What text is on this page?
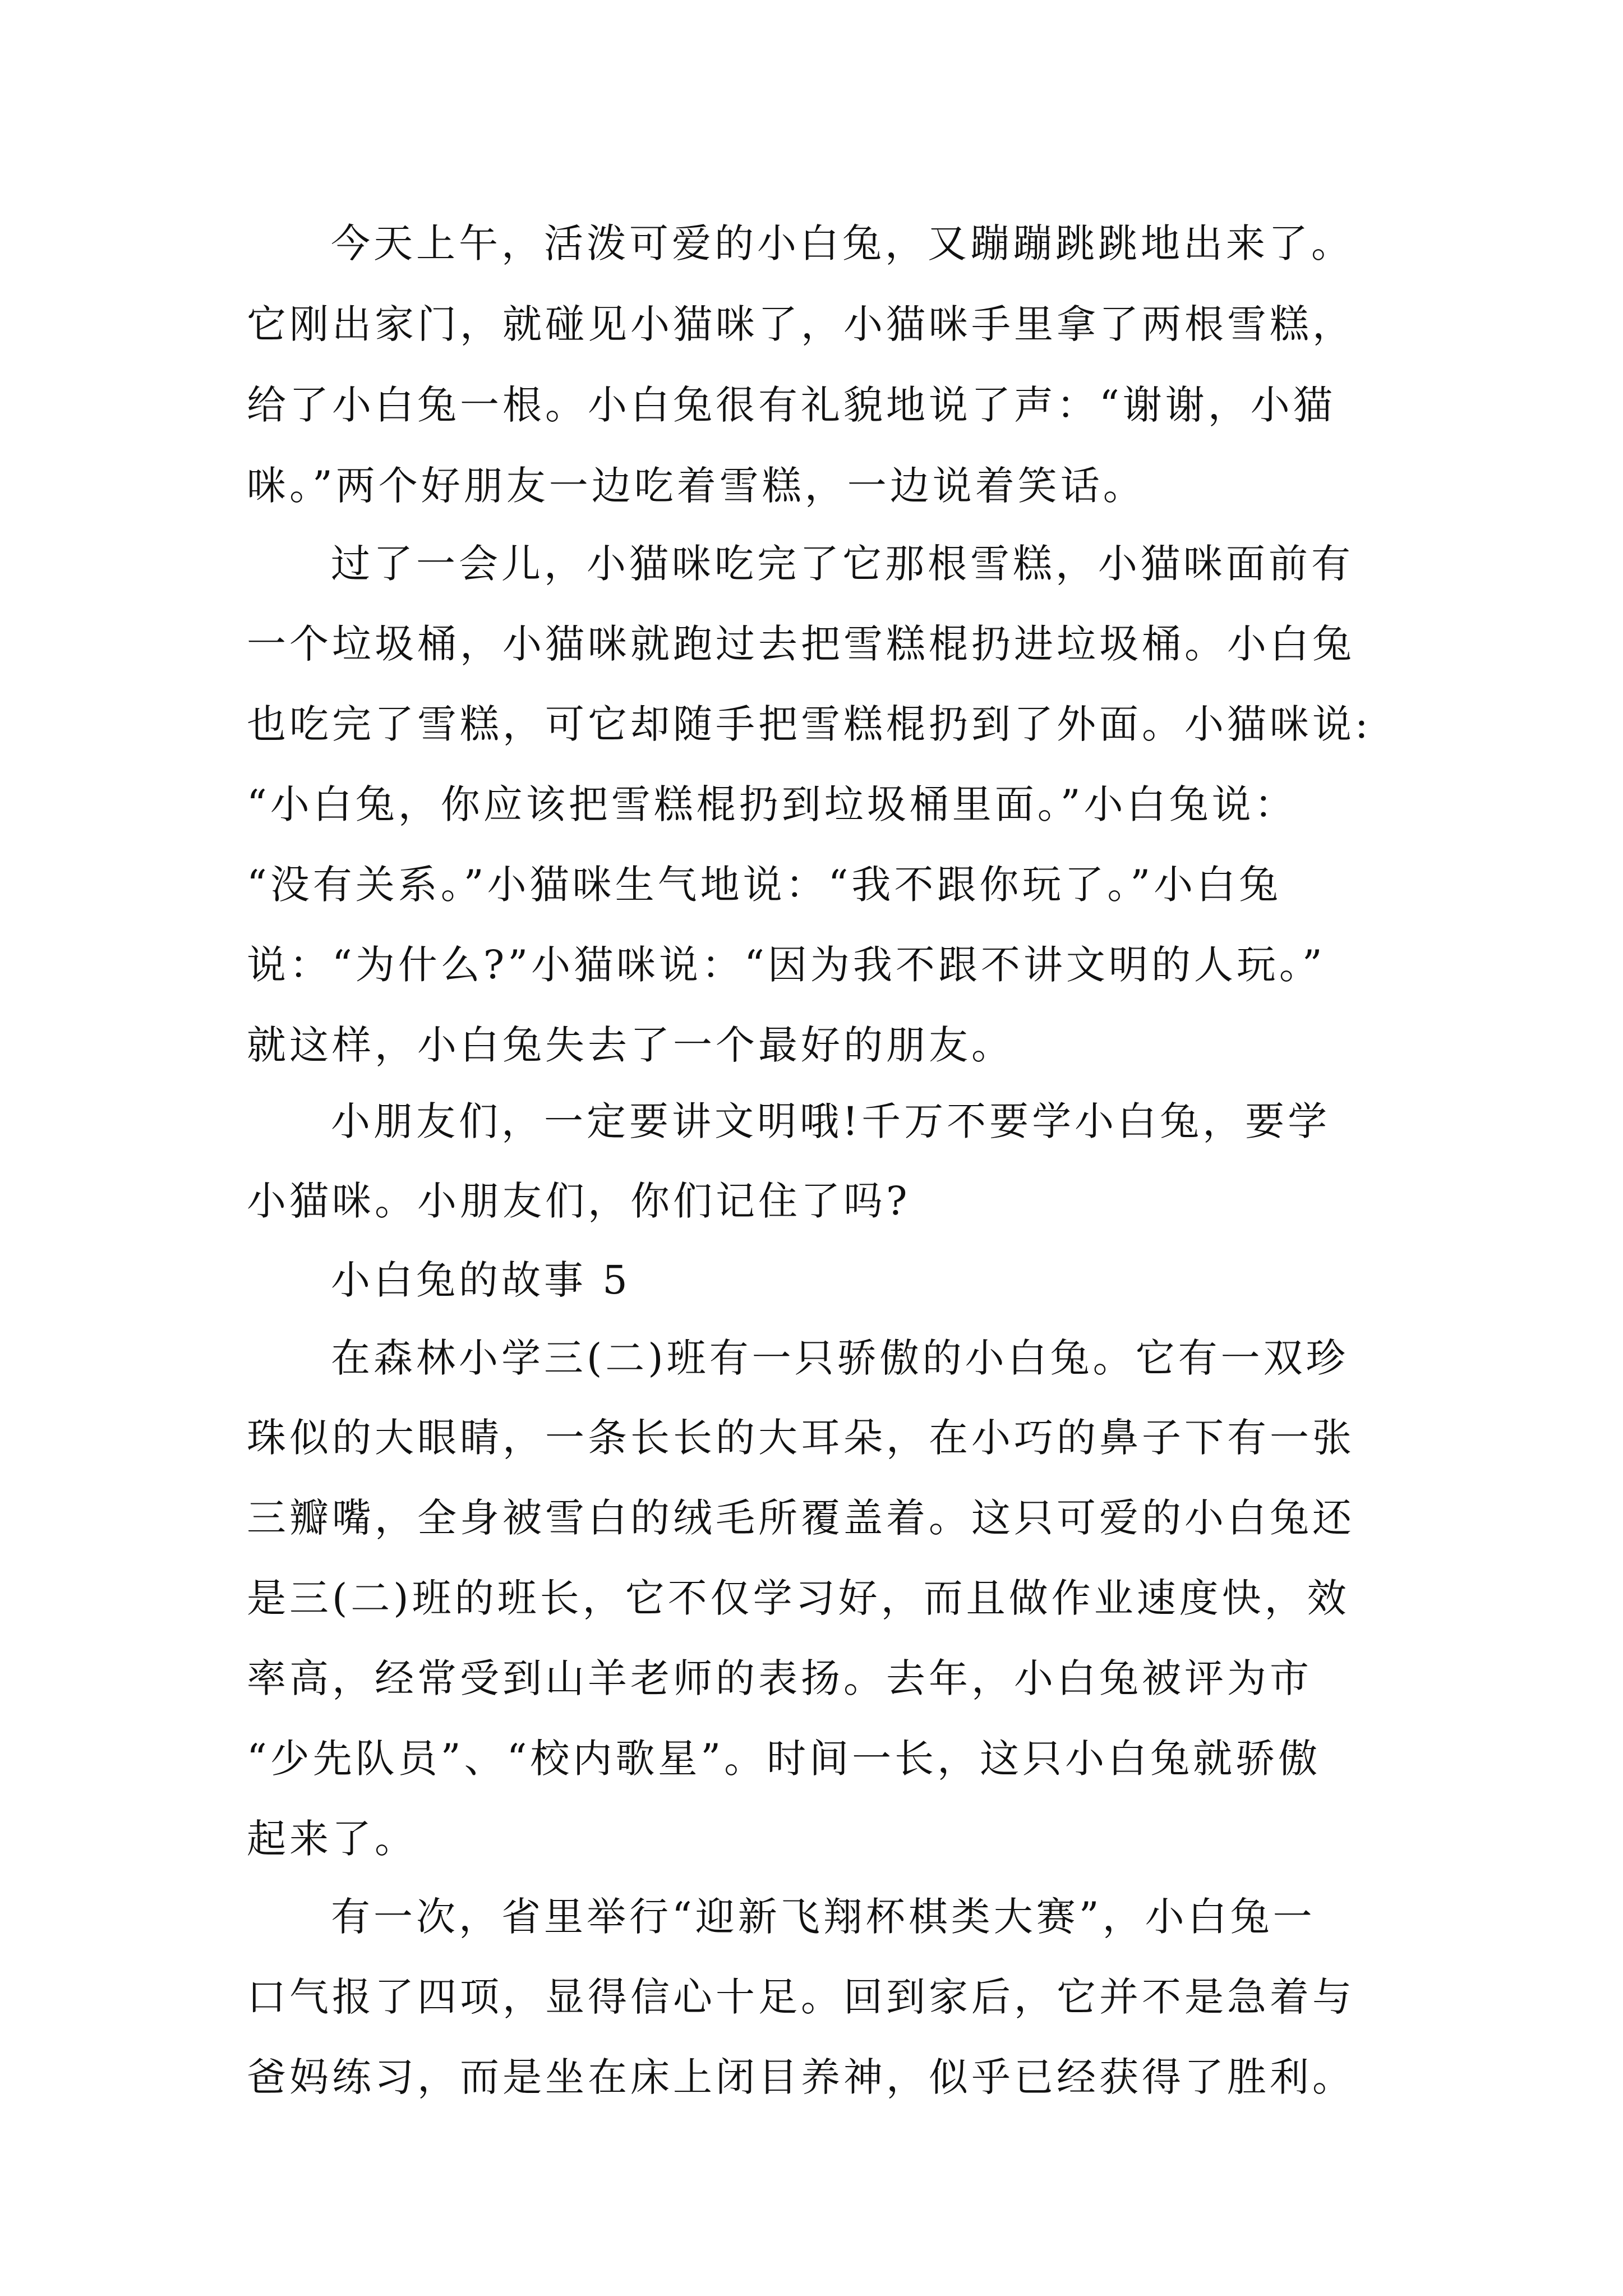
今天上午，活泼可爱的小白兔，又蹦蹦跳跳地出来了。
它刚出家门，就碰见小猫咪了，小猫咪手里拿了两根雪糕，
给了小白兔一根。小白兔很有礼貌地说了声：“谢谢，小猫
咪。”两个好朋友一边吃着雪糕，一边说着笑话。
过了一会儿，小猫咪吃完了它那根雪糕，小猫咪面前有
一个垃圾桶，小猫咪就跑过去把雪糕棍扔进垃圾桶。小白兔
也吃完了雪糕，可它却随手把雪糕棍扔到了外面。小猫咪说:
“小白兔，你应该把雪糕棍扔到垃圾桶里面。”小白兔说：
“没有关系。”小猫咪生气地说：“我不跟你玩了。”小白兔
说：“为什么?”小猫咪说：“因为我不跟不讲文明的人玩。”
就这样，小白兔失去了一个最好的朋友。
小朋友们，一定要讲文明哦!千万不要学小白兔，要学
小猫咪。小朋友们，你们记住了吗?
小白兔的故事 5
在森林小学三(二)班有一只骄傲的小白兔。它有一双珍
珠似的大眼睛，一条长长的大耳朵，在小巧的鼻子下有一张
三瓣嘴，全身被雪白的绒毛所覆盖着。这只可爱的小白兔还
是三(二)班的班长，它不仅学习好，而且做作业速度快，效
率高，经常受到山羊老师的表扬。去年，小白兔被评为市
“少先队员”、“校内歌星”。时间一长，这只小白兔就骄傲
起来了。
有一次，省里举行“迎新飞翔杯棋类大赛”，小白兔一
口气报了四项，显得信心十足。回到家后，它并不是急着与
爸妈练习，而是坐在床上闭目养神，似乎已经获得了胜利。
